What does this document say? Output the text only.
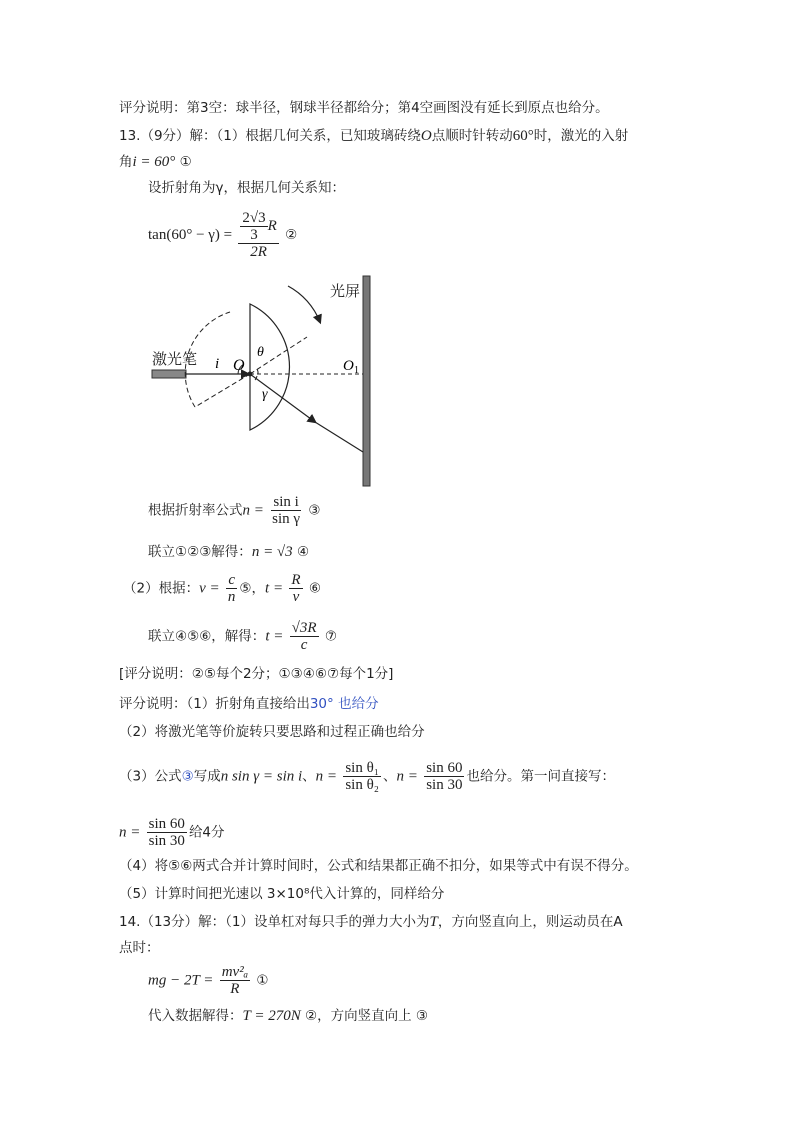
评分说明：第3空：球半径，钢球半径都给分；第4空画图没有延长到原点也给分。
13.（9分）解：（1）根据几何关系，已知玻璃砖绕O点顺时针转动60°时，激光的入射
角i = 60° ①
设折射角为γ，根据几何关系知：
$\tan(60^\circ - \gamma) = \frac{\frac{2√3}{3} R}{2R}$ ②
光屏
激光笔 i O
θ
γ
O 1
根据折射率公式$n = \frac{\text{sin i}}{\text{sin γ}}$ ③
联立①②③解得：n = √3 ④
（2）根据：$v = \frac{c}{n}$ ⑤，$t = \frac{R}{v}$ ⑥
联立④⑤⑥，解得：$t = \frac{√3R}{c}$ ⑦
[评分说明：②⑤每个2分；①③④⑥⑦每个1分]
评分说明：（1）折射角直接给出30° 也给分
（2）将激光笔等价旋转只要思路和过程正确也给分
（3）公式③写成n sin γ = sin i、$n = \frac{\text{sin θ₁}}{\text{sin θ₂}}$ 、$n = \frac{\sin 60}{\sin 30}$ 也给分。第一问直接写：
$n = \frac{\sin 60}{\sin 30}$ 给4分
（4）将⑤⑥两式合并计算时间时，公式和结果都正确不扣分，如果等式中有误不得分。
（5）计算时间把光速以 3×10⁸代入计算的，同样给分
14.（13分）解：（1）设单杠对每只手的弹力大小为T，方向竖直向上，则运动员在A
点时：
mg − $2T = \frac{\text{mv²ₐ}}{R}$ ①
代入数据解得：T = 270N ②，方向竖直向上 ③
